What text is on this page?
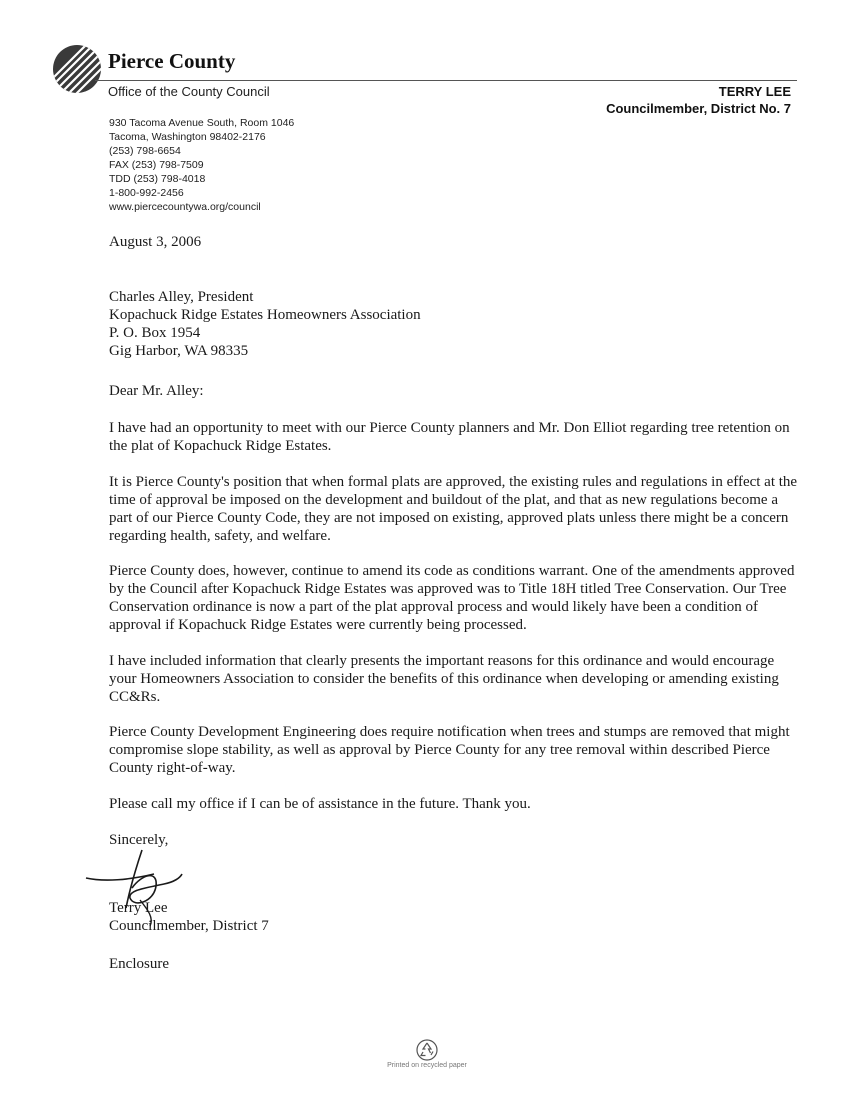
Pierce County
Office of the County Council	TERRY LEE
Councilmember, District No. 7
930 Tacoma Avenue South, Room 1046
Tacoma, Washington 98402-2176
(253) 798-6654
FAX (253) 798-7509
TDD (253) 798-4018
1-800-992-2456
www.piercecountywa.org/council
August 3, 2006
Charles Alley, President
Kopachuck Ridge Estates Homeowners Association
P. O. Box 1954
Gig Harbor, WA 98335
Dear Mr. Alley:

I have had an opportunity to meet with our Pierce County planners and Mr. Don Elliot regarding tree retention on the plat of Kopachuck Ridge Estates.

It is Pierce County's position that when formal plats are approved, the existing rules and regulations in effect at the time of approval be imposed on the development and buildout of the plat, and that as new regulations become a part of our Pierce County Code, they are not imposed on existing, approved plats unless there might be a concern regarding health, safety, and welfare.

Pierce County does, however, continue to amend its code as conditions warrant. One of the amendments approved by the Council after Kopachuck Ridge Estates was approved was to Title 18H titled Tree Conservation. Our Tree Conservation ordinance is now a part of the plat approval process and would likely have been a condition of approval if Kopachuck Ridge Estates were currently being processed.

I have included information that clearly presents the important reasons for this ordinance and would encourage your Homeowners Association to consider the benefits of this ordinance when developing or amending existing CC&Rs.

Pierce County Development Engineering does require notification when trees and stumps are removed that might compromise slope stability, as well as approval by Pierce County for any tree removal within described Pierce County right-of-way.

Please call my office if I can be of assistance in the future. Thank you.

Sincerely,
Terry Lee
Councilmember, District 7
Enclosure
Printed on recycled paper
